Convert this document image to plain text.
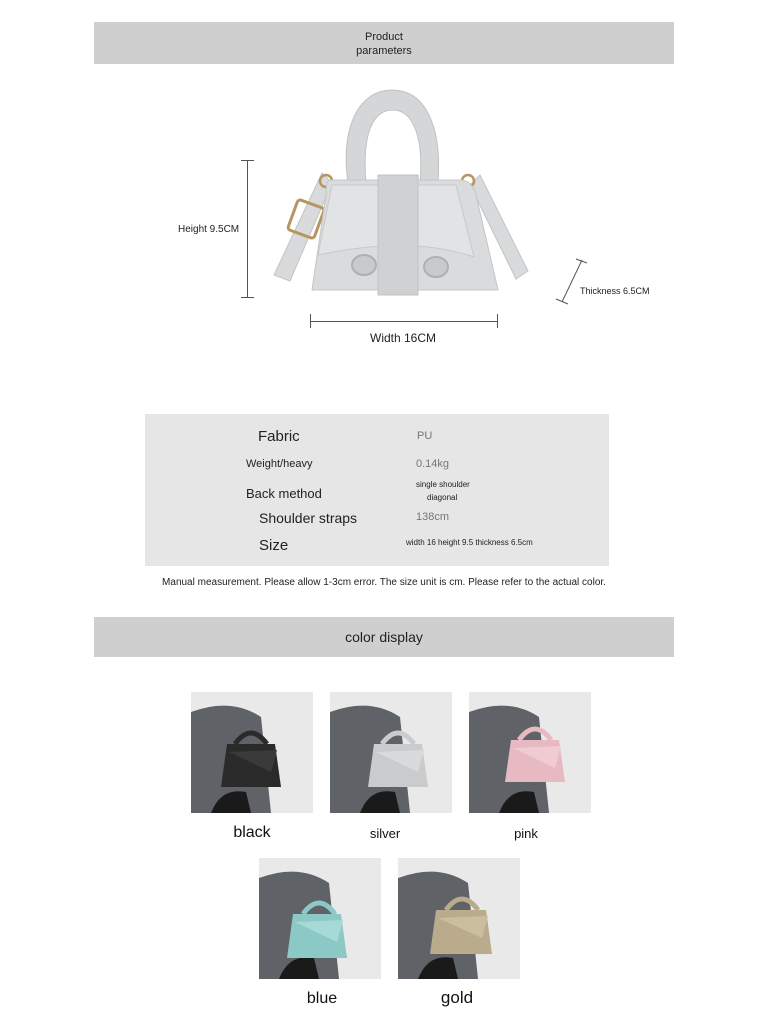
Product
parameters
Height 9.5CM
Width 16CM
Thickness 6.5CM
Fabric	PU
Weight/heavy	0.14kg
Back method
single shoulder
diagonal
Shoulder straps	138cm
Size	width 16 height 9.5 thickness 6.5cm
Manual measurement. Please allow 1-3cm error. The size unit is cm. Please refer to the actual color.
color display
black	silver	pink
blue	gold
